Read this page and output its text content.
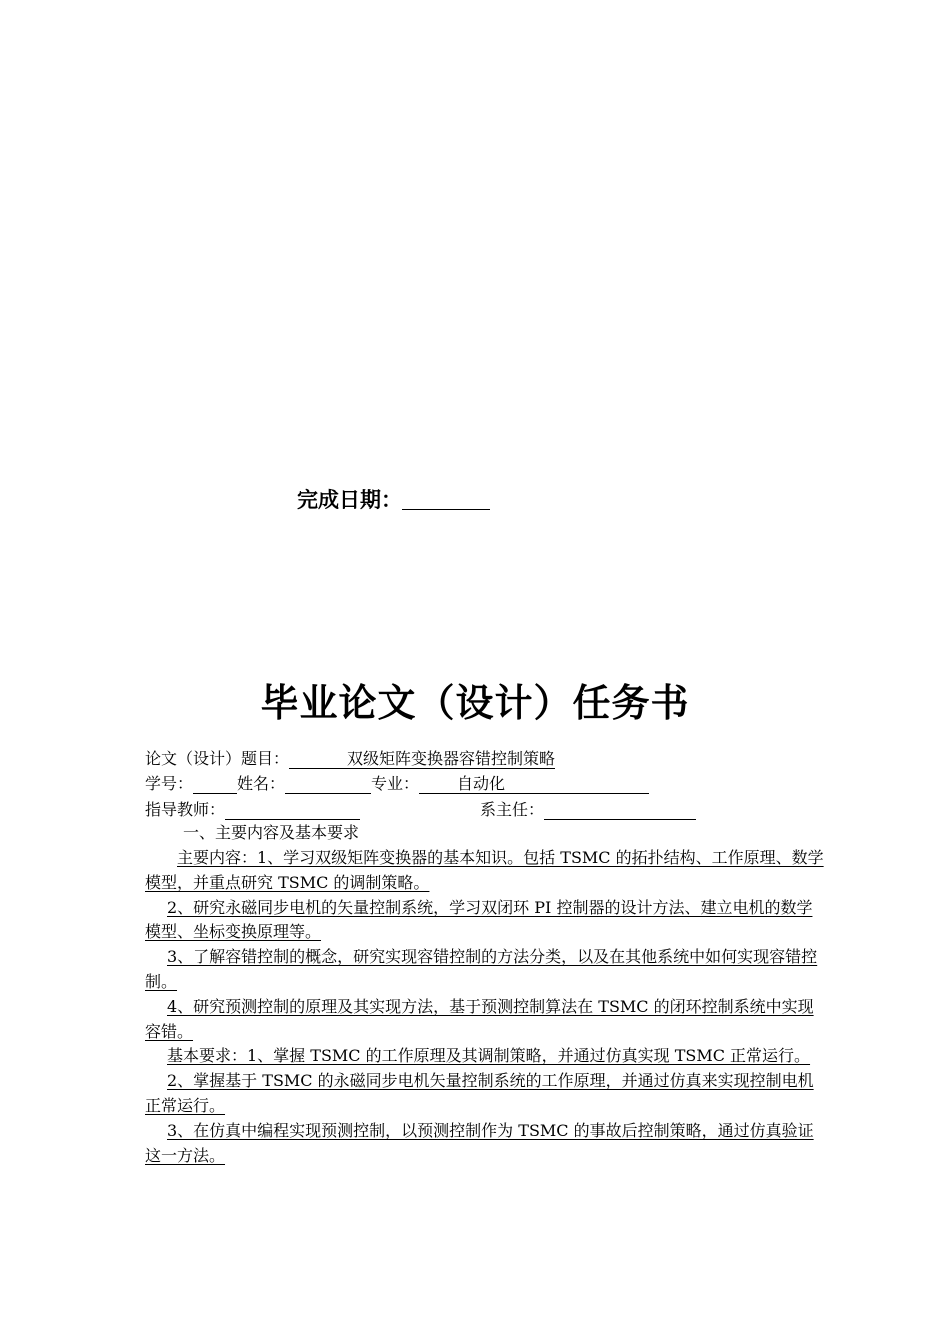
完成日期：
毕业论文（设计）任务书
论文（设计）题目：	双级矩阵变换器容错控制策略
学号：	姓名：	专业： 自动化
指导教师：	系主任：
一、主要内容及基本要求

主要内容：1、学习双级矩阵变换器的基本知识。包括 TSMC 的拓扑结构、工作原理、数学模型，并重点研究 TSMC 的调制策略。

2、研究永磁同步电机的矢量控制系统，学习双闭环 PI 控制器的设计方法、建立电机的数学模型、坐标变换原理等。

3、了解容错控制的概念，研究实现容错控制的方法分类，以及在其他系统中如何实现容错控制。

4、研究预测控制的原理及其实现方法，基于预测控制算法在 TSMC 的闭环控制系统中实现容错。

基本要求：1、掌握 TSMC 的工作原理及其调制策略，并通过仿真实现 TSMC 正常运行。

2、掌握基于 TSMC 的永磁同步电机矢量控制系统的工作原理，并通过仿真来实现控制电机正常运行。

3、在仿真中编程实现预测控制，以预测控制作为 TSMC 的事故后控制策略，通过仿真验证这一方法。
